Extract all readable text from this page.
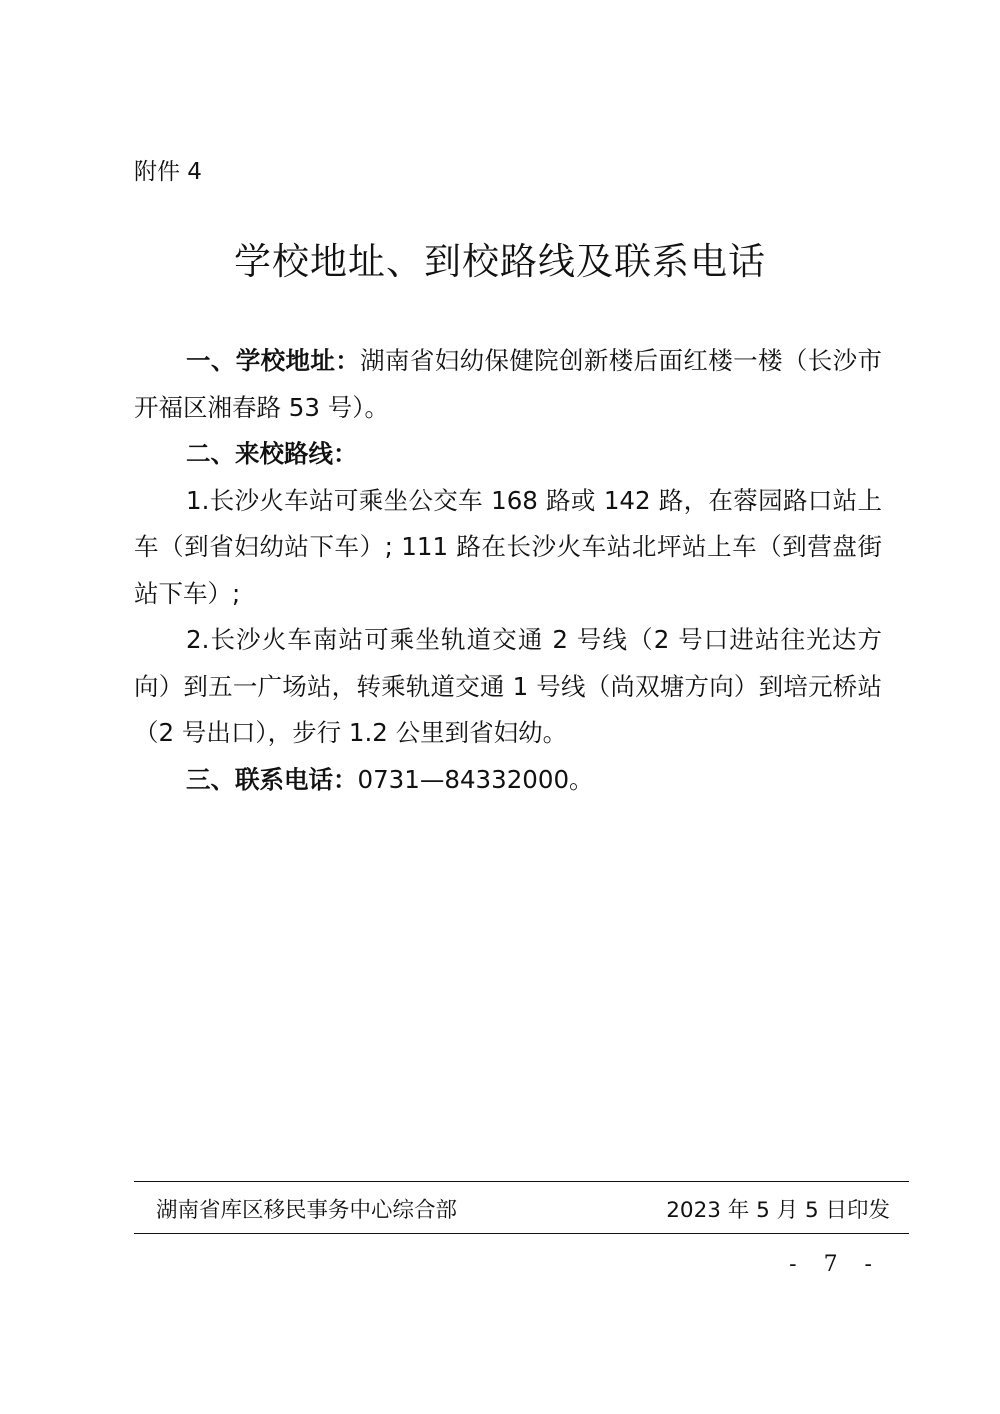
附件 4
学校地址、到校路线及联系电话

一、学校地址：湖南省妇幼保健院创新楼后面红楼一楼（长沙市开福区湘春路 53 号）。

二、来校路线：

1.长沙火车站可乘坐公交车 168 路或 142 路，在蓉园路口站上车（到省妇幼站下车）; 111 路在长沙火车站北坪站上车（到营盘街站下车）;

2.长沙火车南站可乘坐轨道交通 2 号线（2 号口进站往光达方向）到五一广场站，转乘轨道交通 1 号线（尚双塘方向）到培元桥站（2 号出口），步行 1.2 公里到省妇幼。

三、联系电话：0731—84332000。

湖南省库区移民事务中心综合部	2023 年 5 月 5 日印发
- 7 -
